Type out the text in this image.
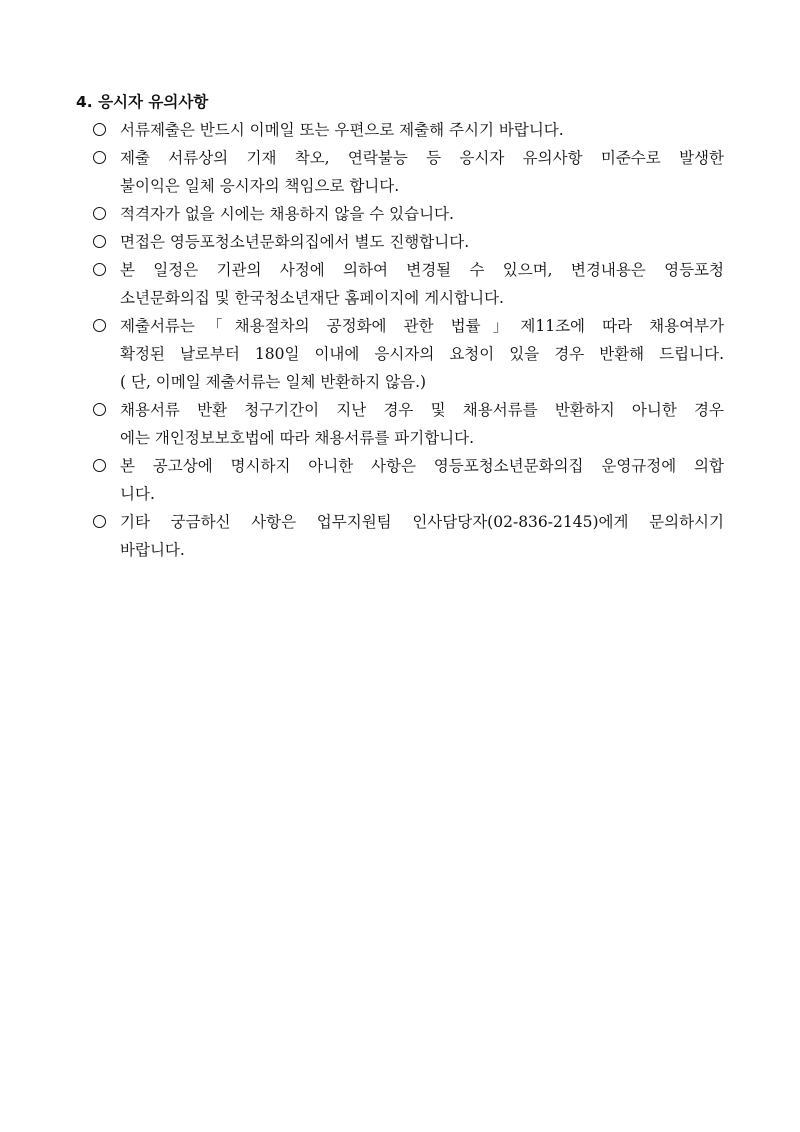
4. 응시자 유의사항
서류제출은 반드시 이메일 또는 우편으로 제출해 주시기 바랍니다.
제출 서류상의 기재 착오, 연락불능 등 응시자 유의사항 미준수로 발생한
불이익은 일체 응시자의 책임으로 합니다.
적격자가 없을 시에는 채용하지 않을 수 있습니다.
면접은 영등포청소년문화의집에서 별도 진행합니다.
본 일정은 기관의 사정에 의하여 변경될 수 있으며, 변경내용은 영등포청
소년문화의집 및 한국청소년재단 홈페이지에 게시합니다.
제출서류는「채용절차의 공정화에 관한 법률」제11조에 따라 채용여부가
확정된 날로부터 180일 이내에 응시자의 요청이 있을 경우 반환해 드립니다.
( 단, 이메일 제출서류는 일체 반환하지 않음.)
채용서류 반환 청구기간이 지난 경우 및 채용서류를 반환하지 아니한 경우
에는 개인정보보호법에 따라 채용서류를 파기합니다.
본 공고상에 명시하지 아니한 사항은 영등포청소년문화의집 운영규정에 의합
니다.
기타 궁금하신 사항은 업무지원팀 인사담당자(02-836-2145)에게 문의하시기
바랍니다.
